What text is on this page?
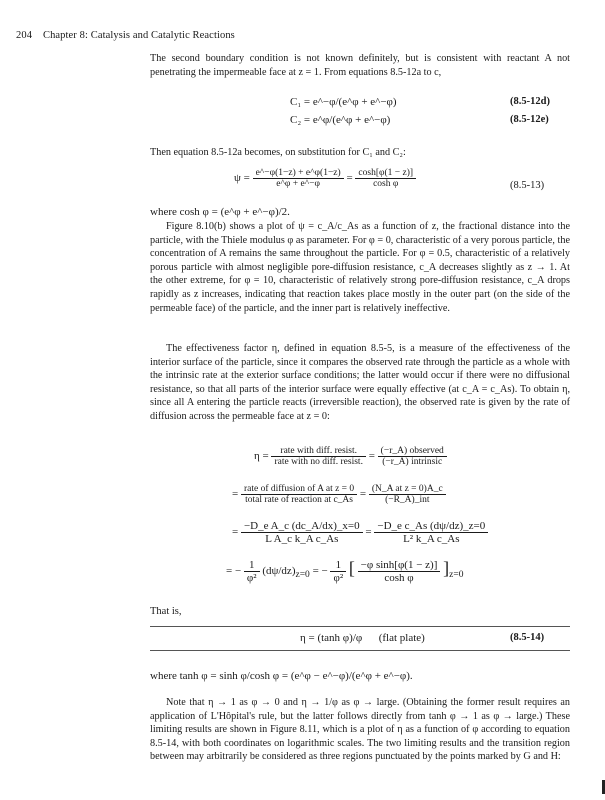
204 Chapter 8: Catalysis and Catalytic Reactions

The second boundary condition is not known definitely, but is consistent with reactant A not penetrating the impermeable face at z = 1. From equations 8.5-12a to c,

C₁ = e^−φ/(e^φ + e^−φ)	(8.5-12d)
C₂ = e^φ/(e^φ + e^−φ)	(8.5-12e)

Then equation 8.5-12a becomes, on substitution for C₁ and C₂:

$\psi = \frac{e\^{}-\varphi(1-z) + e\^{}\varphi(1-z)}{e\^{}\varphi + e\^{}-\varphi} = \frac{\cosh[\varphi(1 - z)]}{\text{cosh φ}}$	(8.5-13)
where cosh φ = (e^φ + e^−φ)/2.

Figure 8.10(b) shows a plot of ψ = c_A/c_As as a function of z, the fractional distance into the particle, with the Thiele modulus φ as parameter. For φ = 0, characteristic of a very porous particle, the concentration of A remains the same throughout the particle. For φ = 0.5, characteristic of a relatively porous particle with almost negligible pore-diffusion resistance, c_A decreases slightly as z → 1. At the other extreme, for φ = 10, characteristic of relatively strong pore-diffusion resistance, c_A drops rapidly as z increases, indicating that reaction takes place mostly in the outer part (on the side of the permeable face) of the particle, and the inner part is relatively ineffective.

The effectiveness factor η, defined in equation 8.5-5, is a measure of the effectiveness of the interior surface of the particle, since it compares the observed rate through the particle as a whole with the intrinsic rate at the exterior surface conditions; the latter would occur if there were no diffusional resistance, so that all parts of the interior surface were equally effective (at c_A = c_As). To obtain η, since all A entering the particle reacts (irreversible reaction), the observed rate is given by the rate of diffusion across the permeable face at z = 0:

$\eta = \frac{\text{rate with diff. resist.}}{\text{rate with no diff. resist.}} = \frac{\text{(−r\_A) observed}}{\text{(−r\_A) intrinsic}}$
= $\frac{\text{rate of diffusion of A at z = 0}}{\text{total rate of reaction at c\_As}} = \frac{\text{(N\_A at z = 0)A\_c}}{\text{(−R\_A)\_int}}$
= $\frac{\text{−D\_e A\_c (dc\_A/dx)\_x=0}}{\text{L A\_c k\_A c\_As}} = \frac{\text{−D\_e c\_As (dψ/dz)\_z=0}}{\text{L² k\_A c\_As}}$
= − $\frac{1}{\text{φ²}} (d\psi/dz)_{z=0}$ = − $\frac{1}{\text{φ²}}$ [ $\frac{\text{−φ sinh[φ(1 − z)]}}{\text{cosh φ}} ]_{z=0}$
That is,
η = (tanh φ)/φ (flat plate)	(8.5-14)
where tanh φ = sinh φ/cosh φ = (e^φ − e^−φ)/(e^φ + e^−φ).

Note that η → 1 as φ → 0 and η → 1/φ as φ → large. (Obtaining the former result requires an application of L'Hôpital's rule, but the latter follows directly from tanh φ → 1 as φ → large.) These limiting results are shown in Figure 8.11, which is a plot of η as a function of φ according to equation 8.5-14, with both coordinates on logarithmic scales. The two limiting results and the transition region between may arbitrarily be considered as three regions punctuated by the points marked by G and H:
